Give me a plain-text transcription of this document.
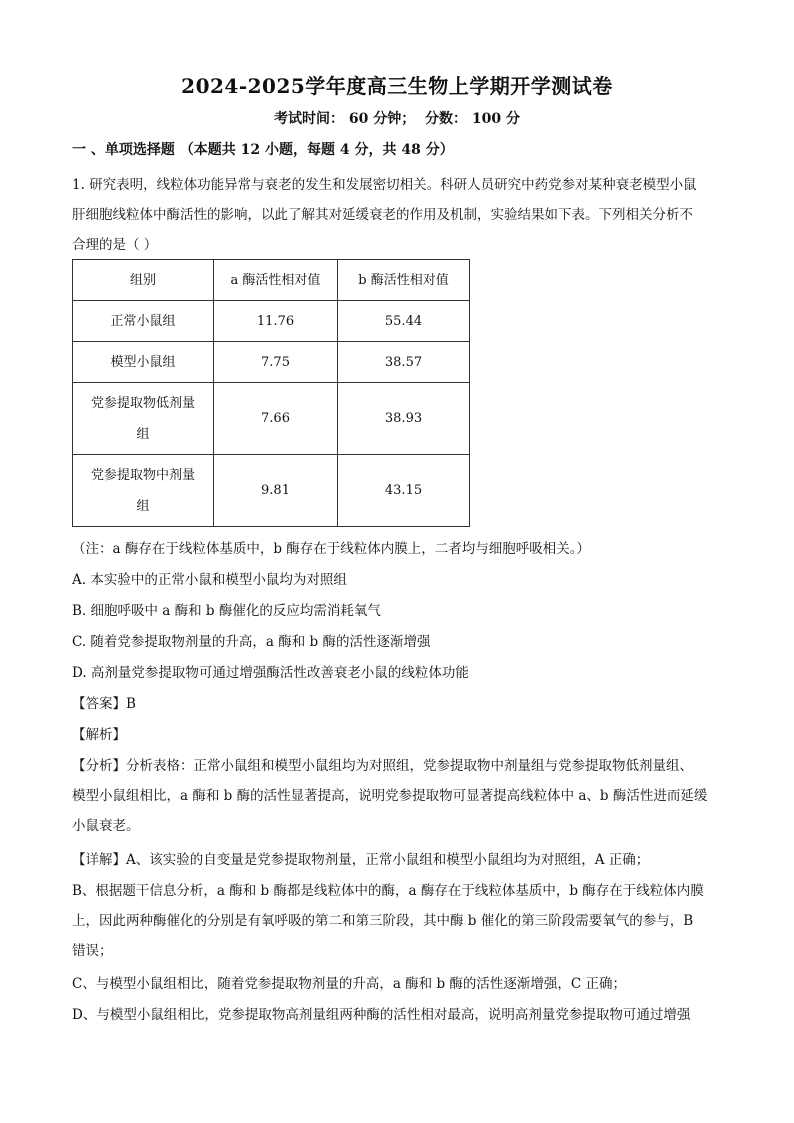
2024-2025学年度高三生物上学期开学测试卷
考试时间： 60 分钟；  分数： 100 分
一 、单项选择题 （本题共 12 小题，每题 4 分，共 48 分）
1. 研究表明，线粒体功能异常与衰老的发生和发展密切相关。科研人员研究中药党参对某种衰老模型小鼠
肝细胞线粒体中酶活性的影响，以此了解其对延缓衰老的作用及机制，实验结果如下表。下列相关分析不
合理的是（ ）
组别	a 酶活性相对值	b 酶活性相对值
正常小鼠组	11.76	55.44
模型小鼠组	7.75	38.57
党参提取物低剂量
组	7.66	38.93
党参提取物中剂量
组	9.81	43.15
（注：a 酶存在于线粒体基质中，b 酶存在于线粒体内膜上，二者均与细胞呼吸相关。）
A. 本实验中的正常小鼠和模型小鼠均为对照组
B. 细胞呼吸中 a 酶和 b 酶催化的反应均需消耗氧气
C. 随着党参提取物剂量的升高，a 酶和 b 酶的活性逐渐增强
D. 高剂量党参提取物可通过增强酶活性改善衰老小鼠的线粒体功能
【答案】B
【解析】
【分析】分析表格：正常小鼠组和模型小鼠组均为对照组，党参提取物中剂量组与党参提取物低剂量组、
模型小鼠组相比，a 酶和 b 酶的活性显著提高，说明党参提取物可显著提高线粒体中 a、b 酶活性进而延缓
小鼠衰老。
【详解】A、该实验的自变量是党参提取物剂量，正常小鼠组和模型小鼠组均为对照组，A 正确；
B、根据题干信息分析，a 酶和 b 酶都是线粒体中的酶，a 酶存在于线粒体基质中，b 酶存在于线粒体内膜
上，因此两种酶催化的分别是有氧呼吸的第二和第三阶段，其中酶 b 催化的第三阶段需要氧气的参与，B
错误；
C、与模型小鼠组相比，随着党参提取物剂量的升高，a 酶和 b 酶的活性逐渐增强，C 正确；
D、与模型小鼠组相比，党参提取物高剂量组两种酶的活性相对最高，说明高剂量党参提取物可通过增强
